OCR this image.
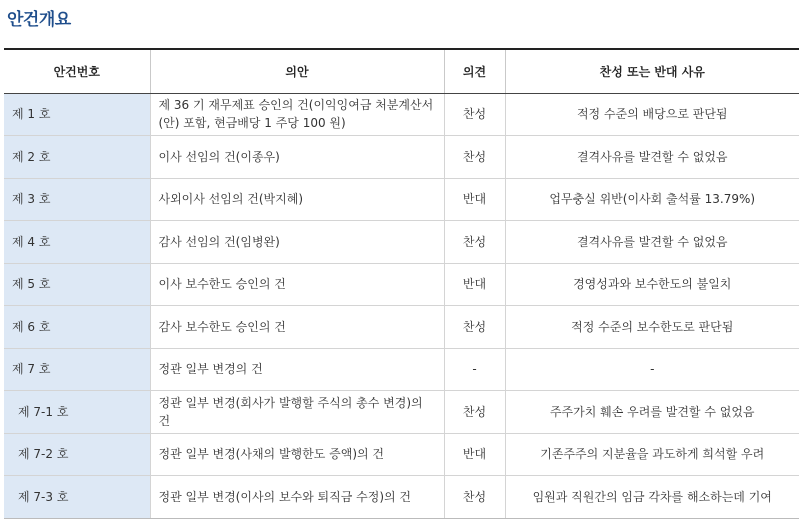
안건개요
안건번호	의안	의견	찬성 또는 반대 사유
제 1 호	제 36 기 재무제표 승인의 건(이익잉여금 처분계산서(안) 포함, 현금배당 1 주당 100 원)	찬성	적정 수준의 배당으로 판단됨
제 2 호	이사 선임의 건(이종우)	찬성	결격사유를 발견할 수 없었음
제 3 호	사외이사 선임의 건(박지혜)	반대	업무충실 위반(이사회 출석률 13.79%)
제 4 호	감사 선임의 건(임병완)	찬성	결격사유를 발견할 수 없었음
제 5 호	이사 보수한도 승인의 건	반대	경영성과와 보수한도의 불일치
제 6 호	감사 보수한도 승인의 건	찬성	적정 수준의 보수한도로 판단됨
제 7 호	정관 일부 변경의 건	-	-
제 7-1 호	정관 일부 변경(회사가 발행할 주식의 총수 변경)의 건	찬성	주주가치 훼손 우려를 발견할 수 없었음
제 7-2 호	정관 일부 변경(사채의 발행한도 증액)의 건	반대	기존주주의 지분율을 과도하게 희석할 우려
제 7-3 호	정관 일부 변경(이사의 보수와 퇴직금 수정)의 건	찬성	임원과 직원간의 임금 각차를 해소하는데 기여
